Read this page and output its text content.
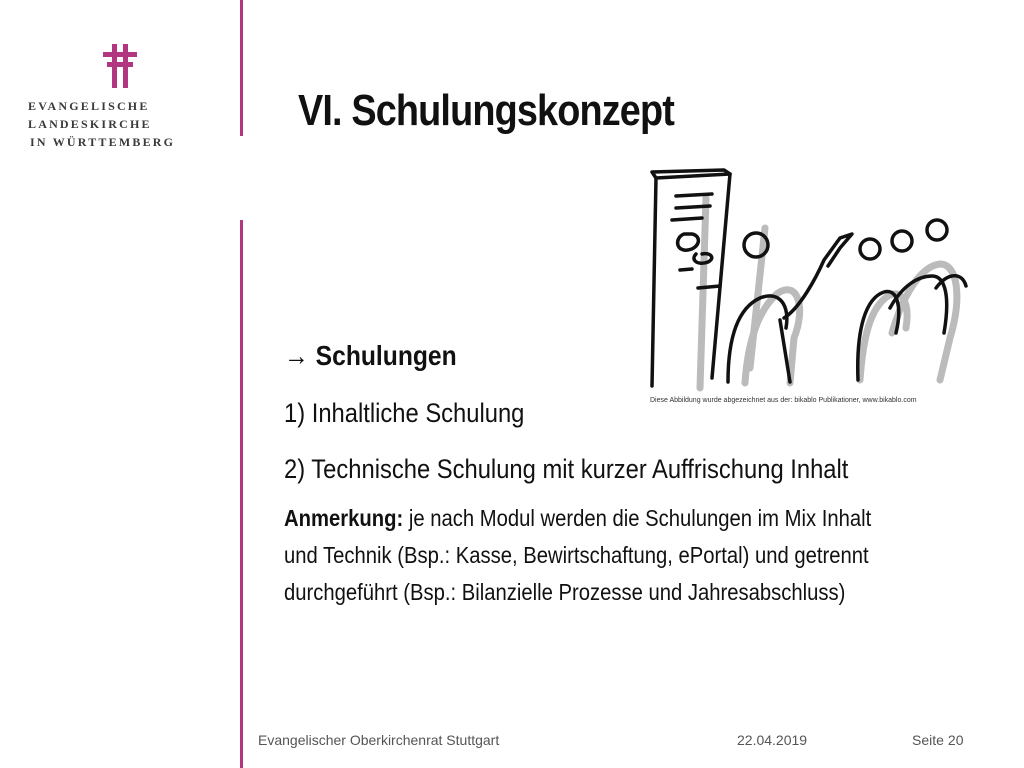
EVANGELISCHE LANDESKIRCHE
IN WÜRTTEMBERG
VI. Schulungskonzept
Diese Abbildung wurde abgezeichnet aus der: bikablo Publikationer, www.bikablo.com
→ Schulungen
1) Inhaltliche Schulung
2) Technische Schulung mit kurzer Auffrischung Inhalt
Anmerkung: je nach Modul werden die Schulungen im Mix Inhalt
und Technik (Bsp.: Kasse, Bewirtschaftung, ePortal) und getrennt
durchgeführt (Bsp.: Bilanzielle Prozesse und Jahresabschluss)
Evangelischer Oberkirchenrat Stuttgart	22.04.2019	Seite 20
